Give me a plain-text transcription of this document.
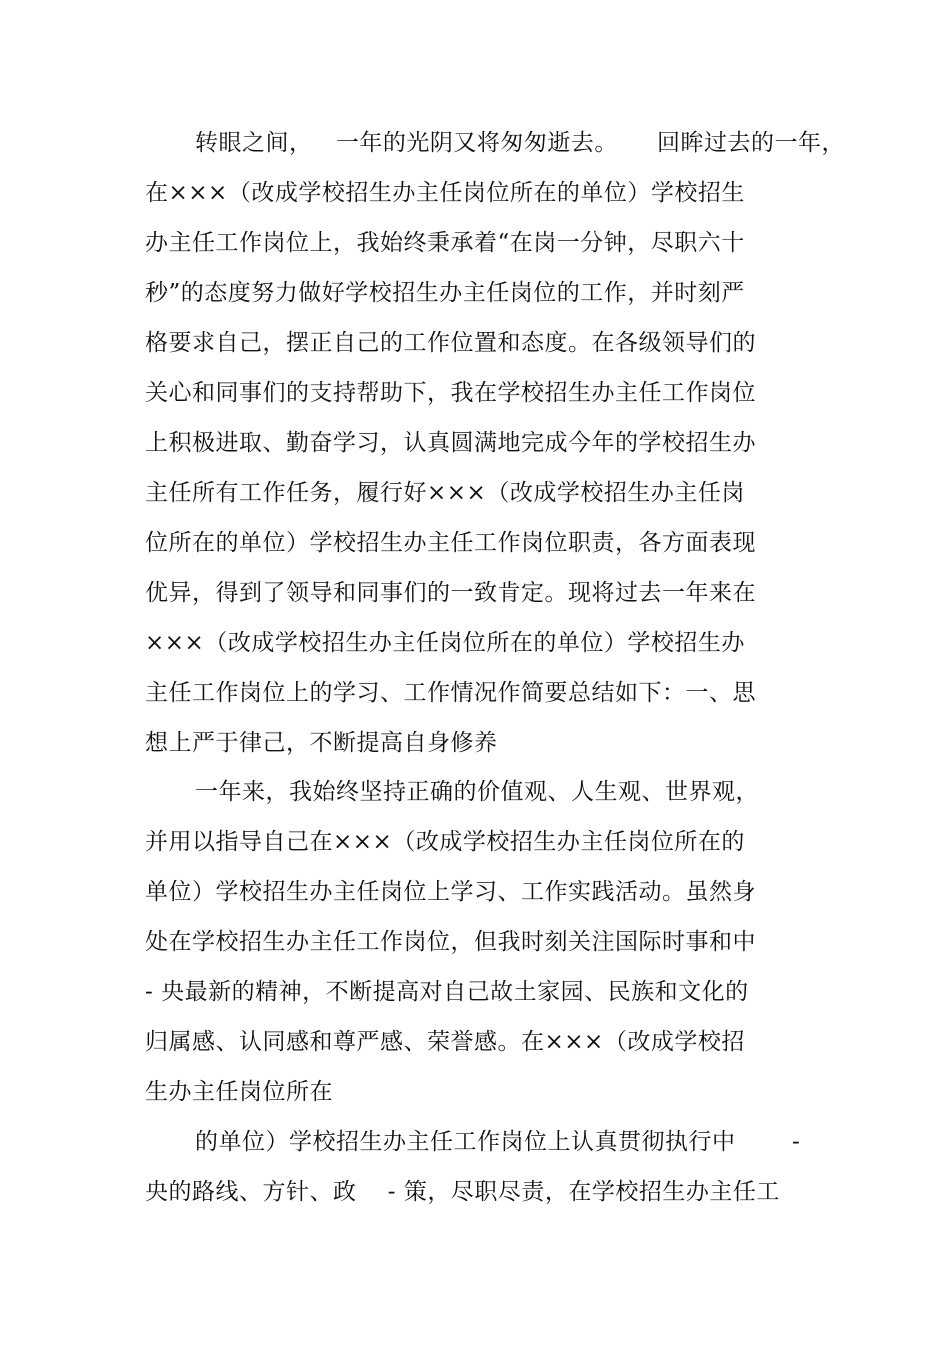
转眼之间，   一年的光阴又将匆匆逝去。     回眸过去的一年，
在×××（改成学校招生办主任岗位所在的单位）学校招生
办主任工作岗位上，我始终秉承着“在岗一分钟，尽职六十
秒”的态度努力做好学校招生办主任岗位的工作，并时刻严
格要求自己，摆正自己的工作位置和态度。在各级领导们的
关心和同事们的支持帮助下，我在学校招生办主任工作岗位
上积极进取、勤奋学习，认真圆满地完成今年的学校招生办
主任所有工作任务，履行好×××（改成学校招生办主任岗
位所在的单位）学校招生办主任工作岗位职责，各方面表现
优异，得到了领导和同事们的一致肯定。现将过去一年来在
×××（改成学校招生办主任岗位所在的单位）学校招生办
主任工作岗位上的学习、工作情况作简要总结如下：一、思
想上严于律己，不断提高自身修养
一年来，我始终坚持正确的价值观、人生观、世界观，
并用以指导自己在×××（改成学校招生办主任岗位所在的
单位）学校招生办主任岗位上学习、工作实践活动。虽然身
处在学校招生办主任工作岗位，但我时刻关注国际时事和中
- 央最新的精神，不断提高对自己故土家园、民族和文化的
归属感、认同感和尊严感、荣誉感。在×××（改成学校招
生办主任岗位所在
的单位）学校招生办主任工作岗位上认真贯彻执行中 -
央的路线、方针、政    - 策，尽职尽责，在学校招生办主任工
